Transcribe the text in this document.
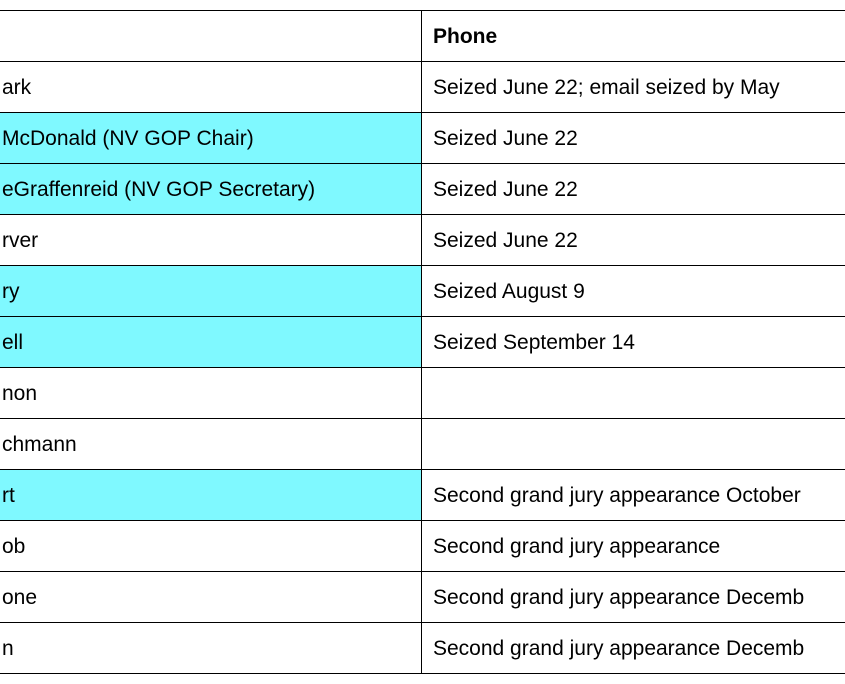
	Phone
ark	Seized June 22; email seized by May
McDonald (NV GOP Chair)	Seized June 22
eGraffenreid (NV GOP Secretary)	Seized June 22
rver	Seized June 22
ry	Seized August 9
ell	Seized September 14
non	
chmann	
rt	Second grand jury appearance October
ob	Second grand jury appearance
one	Second grand jury appearance Decemb
n	Second grand jury appearance Decemb
